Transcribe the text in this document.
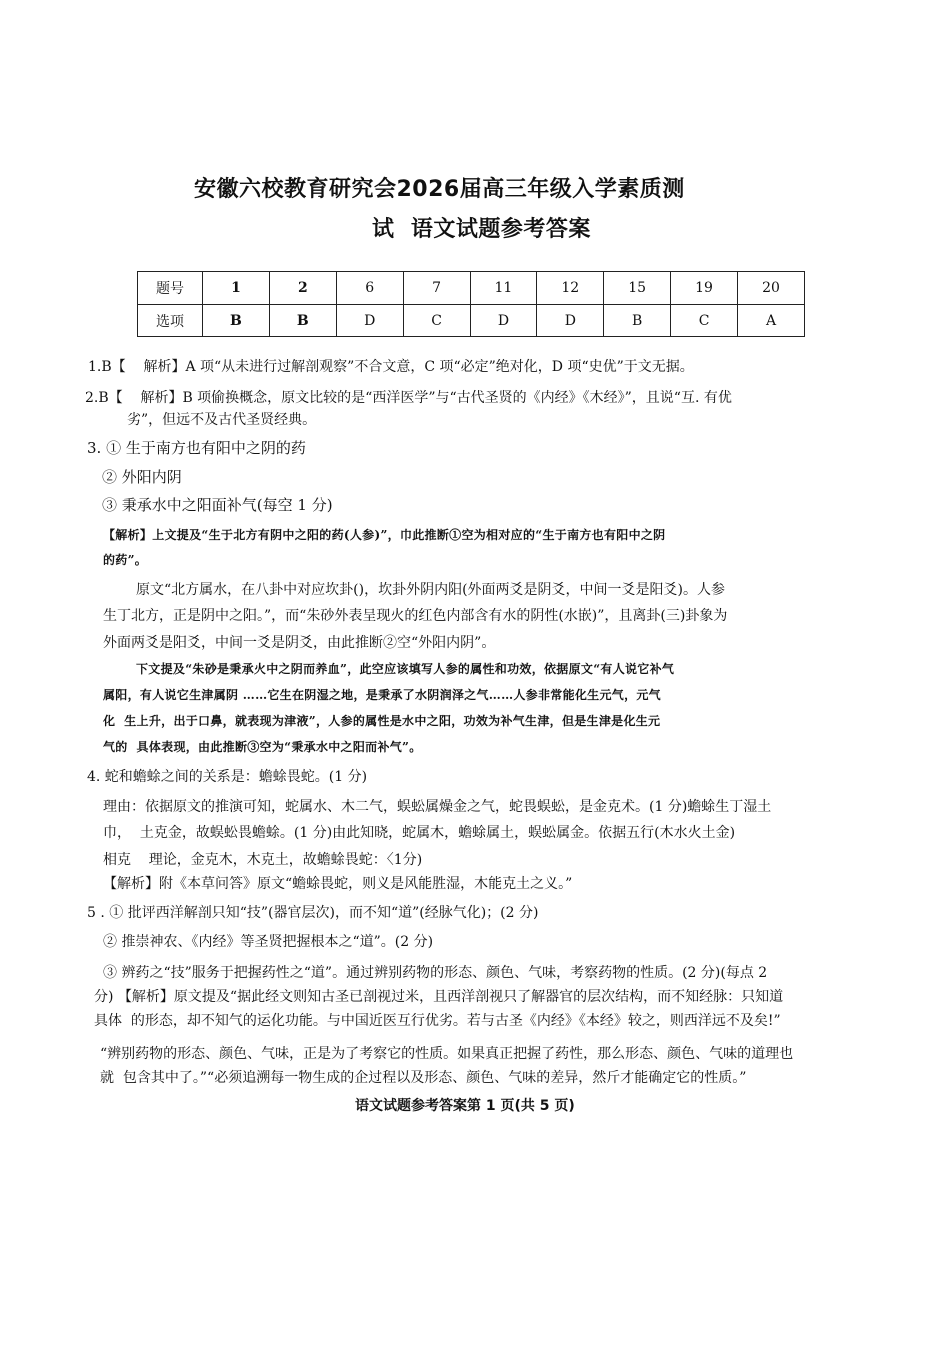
安徽六校教育研究会2026届高三年级入学素质测
试  语文试题参考答案
题号	1	2	6	7	11	12	15	19	20
选项	B	B	D	C	D	D	B	C	A
1.B【    解析】A 项“从未进行过解剖观察”不合文意，C 项“必定”绝对化，D 项“史优”于文无据。
2.B【    解析】B 项偷换概念，原文比较的是“西洋医学”与“古代圣贤的《内经》《木经》”，且说“互. 有优
劣”，但远不及古代圣贤经典。
3. ① 生于南方也有阳中之阴的药
② 外阳内阴
③ 秉承水中之阳面补气(每空 1 分)
【解析】上文提及“生于北方有阴中之阳的药(人参)”，巾此推断①空为相对应的“生于南方也有阳中之阴
的药”。
原文“北方属水，在八卦中对应坎卦()，坎卦外阴内阳(外面两爻是阴爻，中间一爻是阳爻)。人参
生丁北方，正是阴中之阳。”，而“朱砂外表呈现火的红色内部含有水的阴性(水嵌)”，且离卦(三)卦象为
外面两爻是阳爻，中间一爻是阴爻，由此推断②空“外阳内阴”。
下文提及“朱砂是秉承火中之阴而养血”，此空应该填写人参的属性和功效，依据原文“有人说它补气
属阳，有人说它生津属阴 ……它生在阴湿之地，是秉承了水阴润泽之气……人参非常能化生元气，元气
化  生上升，出于口鼻，就表现为津液”，人参的属性是水中之阳，功效为补气生津，但是生津是化生元
气的  具体表现，由此推断③空为“秉承水中之阳而补气”。
4. 蛇和蟾蜍之间的关系是：蟾蜍畏蛇。(1 分)
理由：依据原文的推演可知，蛇属水、木二气，蜈蚣属燥金之气，蛇畏蜈蚣，是金克术。(1 分)蟾蜍生丁湿土
巾，  土克金，故蜈蚣畏蟾蜍。(1 分)由此知晓，蛇属木，蟾蜍属土，蜈蚣属金。依据五行(木水火土金)
相克    理论，金克木，木克土，故蟾蜍畏蛇：〈1分)
【解析】附《本草问答》原文“蟾蜍畏蛇，则义是风能胜湿，木能克土之义。”
5 . ① 批评西洋解剖只知“技”(器官层次)，而不知“道”(经脉气化)；(2 分)
② 推崇神农、《内经》等圣贤把握根本之“道”。(2 分)
③ 辨药之“技”服务于把握药性之“道”。通过辨别药物的形态、颜色、气味，考察药物的性质。(2 分)(每点 2
分) 【解析】原文提及“据此经文则知古圣已剖视过米，且西洋剖视只了解器官的层次结构，而不知经脉：只知道
具体  的形态，却不知气的运化功能。与中国近医互行优劣。若与古圣《内经》《本经》较之，则西洋远不及矣!”
“辨别药物的形态、颜色、气味，正是为了考察它的性质。如果真正把握了药性，那么形态、颜色、气味的道理也
就  包含其中了。”“必须追溯每一物生成的企过程以及形态、颜色、气味的差异，然斤才能确定它的性质。”
语文试题参考答案第 1 页(共 5 页)
